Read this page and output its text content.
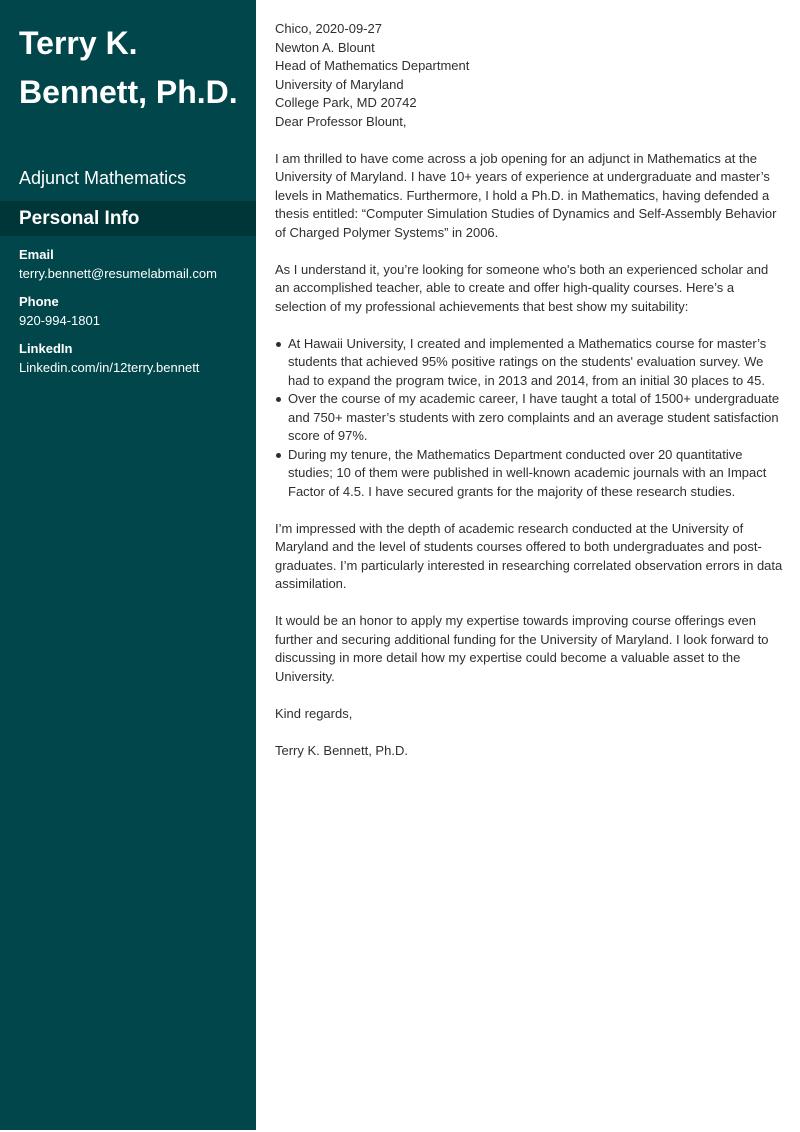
Terry K. Bennett, Ph.D.
Adjunct Mathematics
Personal Info
Email
terry.bennett@resumelabmail.com
Phone
920-994-1801
LinkedIn
Linkedin.com/in/12terry.bennett

Chico, 2020-09-27

Newton A. Blount

Head of Mathematics Department

University of Maryland

College Park, MD 20742

Dear Professor Blount,

I am thrilled to have come across a job opening for an adjunct in Mathematics at the University of Maryland. I have 10+ years of experience at undergraduate and master’s levels in Mathematics. Furthermore, I hold a Ph.D. in Mathematics, having defended a thesis entitled: “Computer Simulation Studies of Dynamics and Self-Assembly Behavior of Charged Polymer Systems” in 2006.

As I understand it, you’re looking for someone who's both an experienced scholar and an accomplished teacher, able to create and offer high-quality courses. Here’s a selection of my professional achievements that best show my suitability:

At Hawaii University, I created and implemented a Mathematics course for master’s students that achieved 95% positive ratings on the students' evaluation survey. We had to expand the program twice, in 2013 and 2014, from an initial 30 places to 45.
Over the course of my academic career, I have taught a total of 1500+ undergraduate and 750+ master’s students with zero complaints and an average student satisfaction score of 97%.
During my tenure, the Mathematics Department conducted over 20 quantitative studies; 10 of them were published in well-known academic journals with an Impact Factor of 4.5. I have secured grants for the majority of these research studies.

I’m impressed with the depth of academic research conducted at the University of Maryland and the level of students courses offered to both undergraduates and post-graduates. I’m particularly interested in researching correlated observation errors in data assimilation.

It would be an honor to apply my expertise towards improving course offerings even further and securing additional funding for the University of Maryland. I look forward to discussing in more detail how my expertise could become a valuable asset to the University.

Kind regards,

Terry K. Bennett, Ph.D.
